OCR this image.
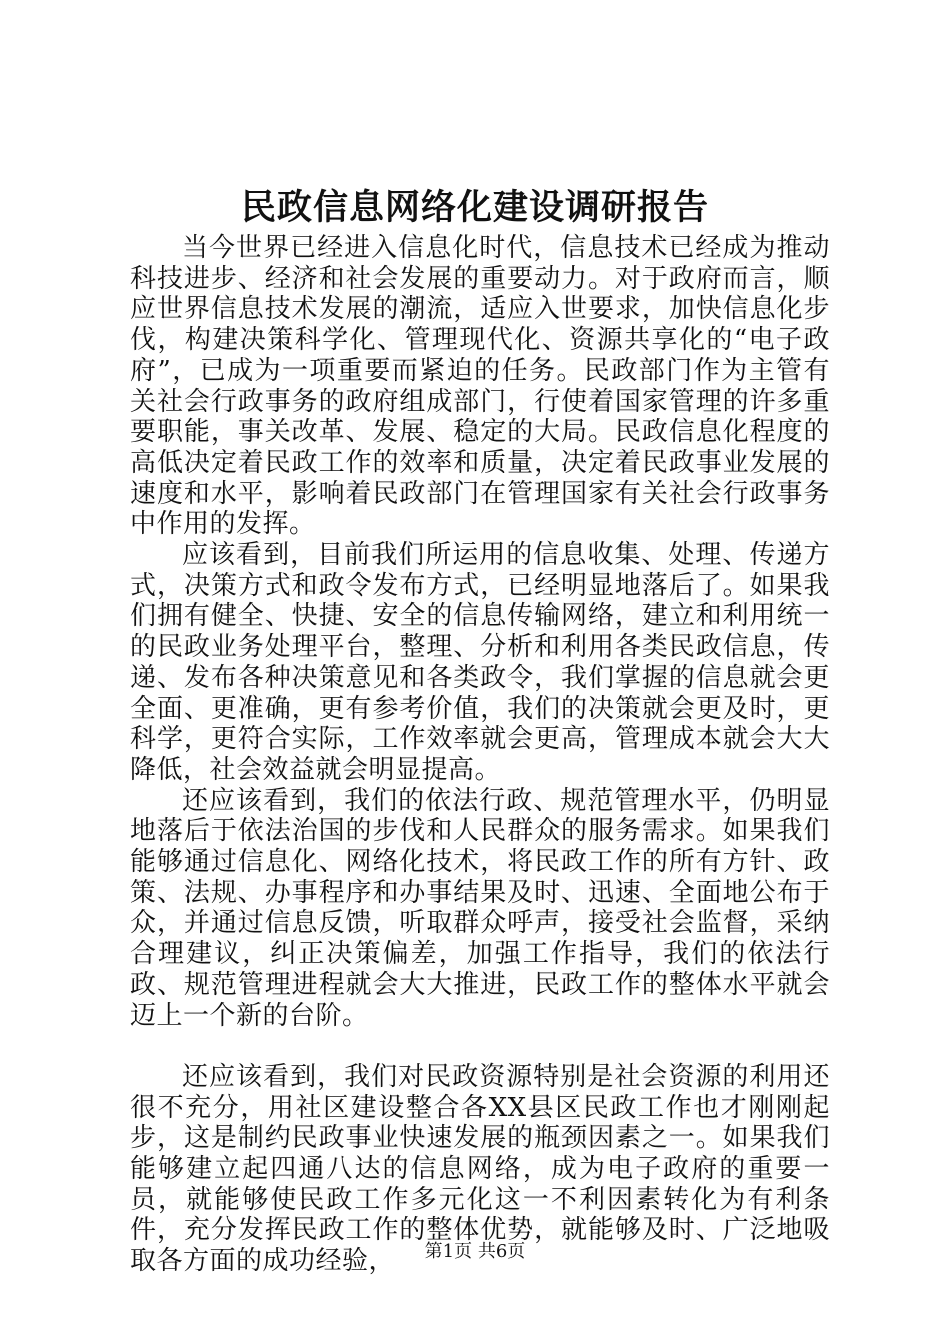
民政信息网络化建设调研报告

当今世界已经进入信息化时代，信息技术已经成为推动科技进步、经济和社会发展的重要动力。对于政府而言，顺应世界信息技术发展的潮流，适应入世要求，加快信息化步伐，构建决策科学化、管理现代化、资源共享化的“电子政府”，已成为一项重要而紧迫的任务。民政部门作为主管有关社会行政事务的政府组成部门，行使着国家管理的许多重要职能，事关改革、发展、稳定的大局。民政信息化程度的高低决定着民政工作的效率和质量，决定着民政事业发展的速度和水平，影响着民政部门在管理国家有关社会行政事务中作用的发挥。

应该看到，目前我们所运用的信息收集、处理、传递方式，决策方式和政令发布方式，已经明显地落后了。如果我们拥有健全、快捷、安全的信息传输网络，建立和利用统一的民政业务处理平台，整理、分析和利用各类民政信息，传递、发布各种决策意见和各类政令，我们掌握的信息就会更全面、更准确，更有参考价值，我们的决策就会更及时，更科学，更符合实际，工作效率就会更高，管理成本就会大大降低，社会效益就会明显提高。

还应该看到，我们的依法行政、规范管理水平，仍明显地落后于依法治国的步伐和人民群众的服务需求。如果我们能够通过信息化、网络化技术，将民政工作的所有方针、政策、法规、办事程序和办事结果及时、迅速、全面地公布于众，并通过信息反馈，听取群众呼声，接受社会监督，采纳合理建议，纠正决策偏差，加强工作指导，我们的依法行政、规范管理进程就会大大推进，民政工作的整体水平就会迈上一个新的台阶。

还应该看到，我们对民政资源特别是社会资源的利用还很不充分，用社区建设整合各XX县区民政工作也才刚刚起步，这是制约民政事业快速发展的瓶颈因素之一。如果我们能够建立起四通八达的信息网络，成为电子政府的重要一员，就能够使民政工作多元化这一不利因素转化为有利条件，充分发挥民政工作的整体优势，就能够及时、广泛地吸取各方面的成功经验，	第1页 共6页
